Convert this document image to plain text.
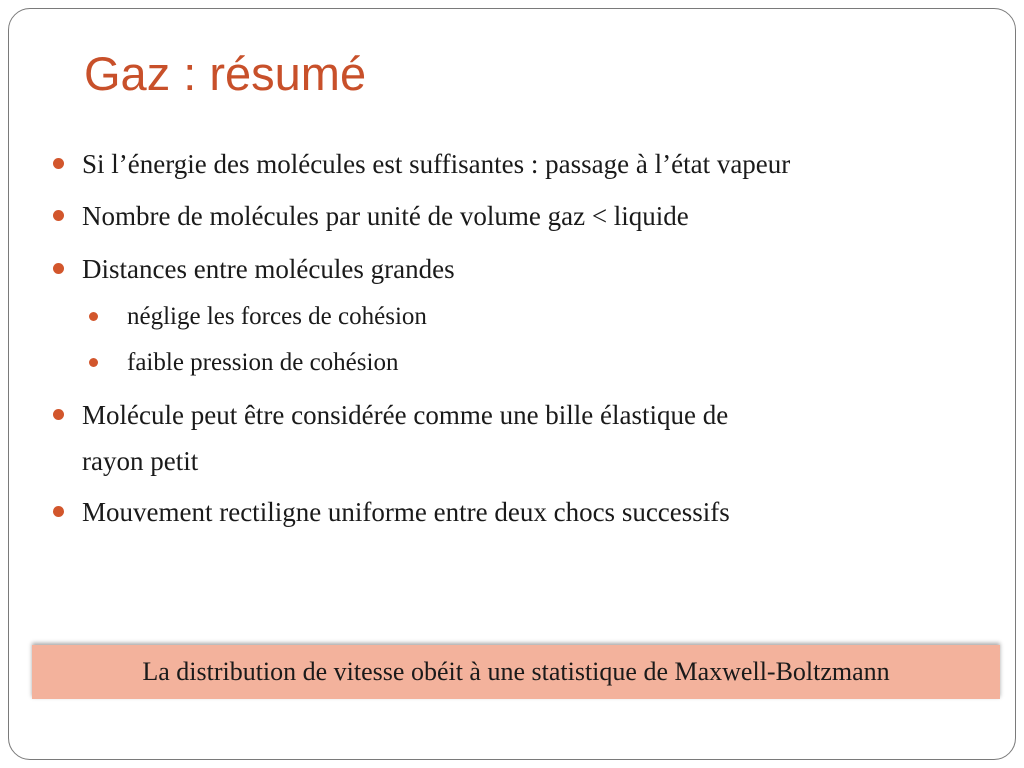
Gaz : résumé
Si l’énergie des molécules est suffisantes : passage à l’état vapeur
Nombre de molécules par unité de volume gaz < liquide
Distances entre molécules grandes
néglige les forces de cohésion
faible pression de cohésion
Molécule peut être considérée comme une bille élastique de
rayon petit
Mouvement rectiligne uniforme entre deux chocs successifs
La distribution de vitesse obéit à une statistique de Maxwell-Boltzmann
